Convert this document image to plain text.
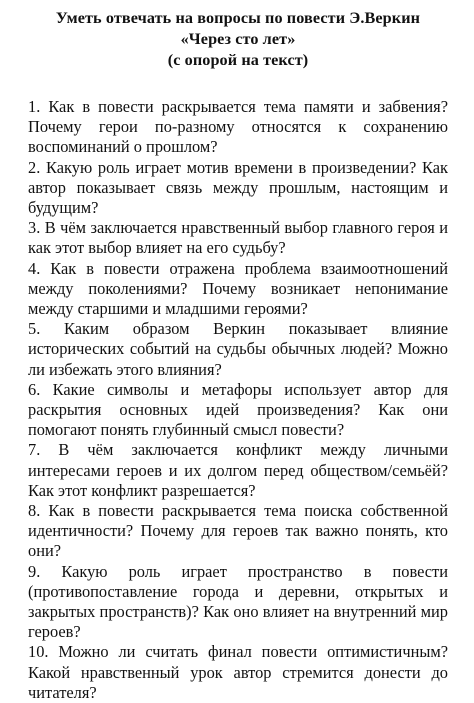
Уметь отвечать на вопросы по повести Э.Веркин
«Через сто лет»
(с опорой на текст)
1. Как в повести раскрывается тема памяти и забвения? Почему герои по-разному относятся к сохранению воспоминаний о прошлом?
2. Какую роль играет мотив времени в произведении? Как автор показывает связь между прошлым, настоящим и будущим?
3. В чём заключается нравственный выбор главного героя и как этот выбор влияет на его судьбу?
4. Как в повести отражена проблема взаимоотношений между поколениями? Почему возникает непонимание между старшими и младшими героями?
5. Каким образом Веркин показывает влияние исторических событий на судьбы обычных людей? Можно ли избежать этого влияния?
6. Какие символы и метафоры использует автор для раскрытия основных идей произведения? Как они помогают понять глубинный смысл повести?
7. В чём заключается конфликт между личными интересами героев и их долгом перед обществом/семьёй? Как этот конфликт разрешается?
8. Как в повести раскрывается тема поиска собственной идентичности? Почему для героев так важно понять, кто они?
9. Какую роль играет пространство в повести (противопоставление города и деревни, открытых и закрытых пространств)? Как оно влияет на внутренний мир героев?
10. Можно ли считать финал повести оптимистичным? Какой нравственный урок автор стремится донести до читателя?
